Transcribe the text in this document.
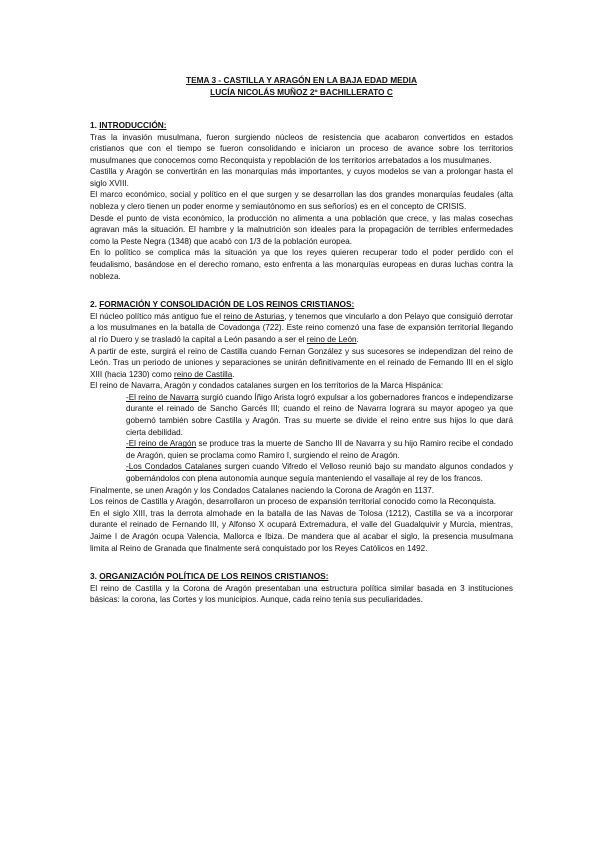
TEMA 3 - CASTILLA Y ARAGÓN EN LA BAJA EDAD MEDIA
LUCÍA NICOLÁS MUÑOZ 2º BACHILLERATO C
1. INTRODUCCIÓN:

Tras la invasión musulmana, fueron surgiendo núcleos de resistencia que acabaron convertidos en estados cristianos que con el tiempo se fueron consolidando e iniciaron un proceso de avance sobre los territorios musulmanes que conocemos como Reconquista y repoblación de los territorios arrebatados a los musulmanes.

Castilla y Aragón se convertirán en las monarquías más importantes, y cuyos modelos se van a prolongar hasta el siglo XVIII.

El marco económico, social y político en el que surgen y se desarrollan las dos grandes monarquías feudales (alta nobleza y clero tienen un poder enorme y semiautónomo en sus señoríos) es en el concepto de CRISIS.

Desde el punto de vista económico, la producción no alimenta a una población que crece, y las malas cosechas agravan más la situación. El hambre y la malnutrición son ideales para la propagación de terribles enfermedades como la Peste Negra (1348) que acabó con 1/3 de la población europea.

En lo político se complica más la situación ya que los reyes quieren recuperar todo el poder perdido con el feudalismo, basándose en el derecho romano, esto enfrenta a las monarquías europeas en duras luchas contra la nobleza.

2. FORMACIÓN Y CONSOLIDACIÓN DE LOS REINOS CRISTIANOS:

El núcleo político más antiguo fue el reino de Asturias, y tenemos que vincularlo a don Pelayo que consiguió derrotar a los musulmanes en la batalla de Covadonga (722). Este reino comenzó una fase de expansión territorial llegando al río Duero y se trasladó la capital a León pasando a ser el reino de León.

A partir de este, surgirá el reino de Castilla cuando Fernan González y sus sucesores se independizan del reino de León. Tras un periodo de uniones y separaciones se unirán definitivamente en el reinado de Fernando III en el siglo XIII (hacia 1230) como reino de Castilla.

El reino de Navarra, Aragón y condados catalanes surgen en los territorios de la Marca Hispánica:

-El reino de Navarra surgió cuando Íñigo Arista logró expulsar a los gobernadores francos e independizarse durante el reinado de Sancho Garcés III; cuando el reino de Navarra lograra su mayor apogeo ya que gobernó también sobre Castilla y Aragón. Tras su muerte se divide el reino entre sus hijos lo que dará cierta debilidad.

-El reino de Aragón se produce tras la muerte de Sancho III de Navarra y su hijo Ramiro recibe el condado de Aragón, quien se proclama como Ramiro I, surgiendo el reino de Aragón.

-Los Condados Catalanes surgen cuando Vifredo el Velloso reunió bajo su mandato algunos condados y gobernándolos con plena autonomía aunque seguía manteniendo el vasallaje al rey de los francos.

Finalmente, se unen Aragón y los Condados Catalanes naciendo la Corona de Aragón en 1137.

Los reinos de Castilla y Aragón, desarrollaron un proceso de expansión territorial conocido como la Reconquista.

En el siglo XIII, tras la derrota almohade en la batalla de las Navas de Tolosa (1212), Castilla se va a incorporar durante el reinado de Fernando III, y Alfonso X ocupará Extremadura, el valle del Guadalquivir y Murcia, mientras, Jaime I de Aragón ocupa Valencia, Mallorca e Ibiza. De mandera que al acabar el siglo, la presencia musulmana limita al Reino de Granada que finalmente será conquistado por los Reyes Católicos en 1492.

3. ORGANIZACIÓN POLÍTICA DE LOS REINOS CRISTIANOS:

El reino de Castilla y la Corona de Aragón presentaban una estructura política similar basada en 3 instituciones básicas: la corona, las Cortes y los municipios. Aunque, cada reino tenía sus peculiaridades.
